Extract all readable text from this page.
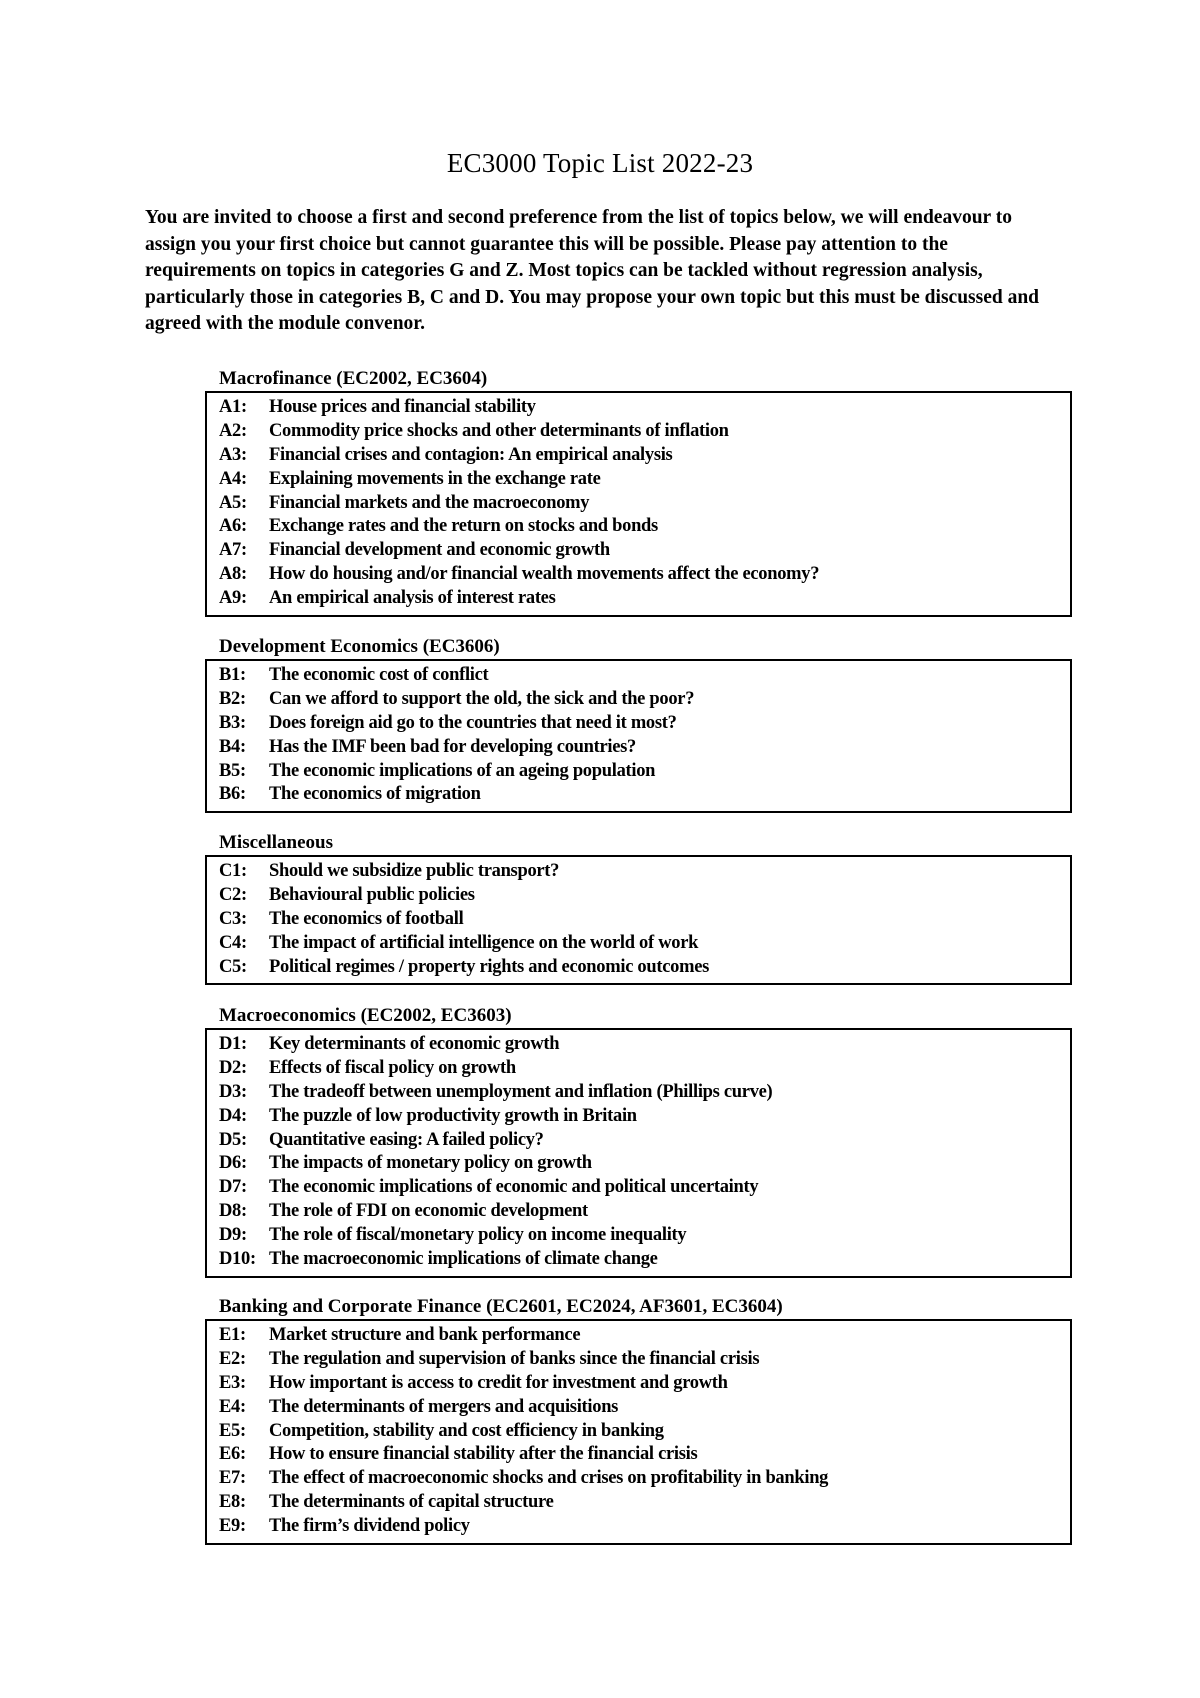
EC3000 Topic List 2022-23

You are invited to choose a first and second preference from the list of topics below, we will endeavour to assign you your first choice but cannot guarantee this will be possible. Please pay attention to the requirements on topics in categories G and Z. Most topics can be tackled without regression analysis, particularly those in categories B, C and D. You may propose your own topic but this must be discussed and agreed with the module convenor.

Macrofinance (EC2002, EC3604)
A1:	House prices and financial stability
A2:	Commodity price shocks and other determinants of inflation
A3:	Financial crises and contagion: An empirical analysis
A4:	Explaining movements in the exchange rate
A5:	Financial markets and the macroeconomy
A6:	Exchange rates and the return on stocks and bonds
A7:	Financial development and economic growth
A8:	How do housing and/or financial wealth movements affect the economy?
A9:	An empirical analysis of interest rates
Development Economics (EC3606)
B1:	The economic cost of conflict
B2:	Can we afford to support the old, the sick and the poor?
B3:	Does foreign aid go to the countries that need it most?
B4:	Has the IMF been bad for developing countries?
B5:	The economic implications of an ageing population
B6:	The economics of migration
Miscellaneous
C1:	Should we subsidize public transport?
C2:	Behavioural public policies
C3:	The economics of football
C4:	The impact of artificial intelligence on the world of work
C5:	Political regimes / property rights and economic outcomes
Macroeconomics (EC2002, EC3603)
D1:	Key determinants of economic growth
D2:	Effects of fiscal policy on growth
D3:	The tradeoff between unemployment and inflation (Phillips curve)
D4:	The puzzle of low productivity growth in Britain
D5:	Quantitative easing: A failed policy?
D6:	The impacts of monetary policy on growth
D7:	The economic implications of economic and political uncertainty
D8:	The role of FDI on economic development
D9:	The role of fiscal/monetary policy on income inequality
D10: The macroeconomic implications of climate change
Banking and Corporate Finance (EC2601, EC2024, AF3601, EC3604)
E1:	Market structure and bank performance
E2:	The regulation and supervision of banks since the financial crisis
E3:	How important is access to credit for investment and growth
E4:	The determinants of mergers and acquisitions
E5:	Competition, stability and cost efficiency in banking
E6:	How to ensure financial stability after the financial crisis
E7:	The effect of macroeconomic shocks and crises on profitability in banking
E8:	The determinants of capital structure
E9:	The firm’s dividend policy
